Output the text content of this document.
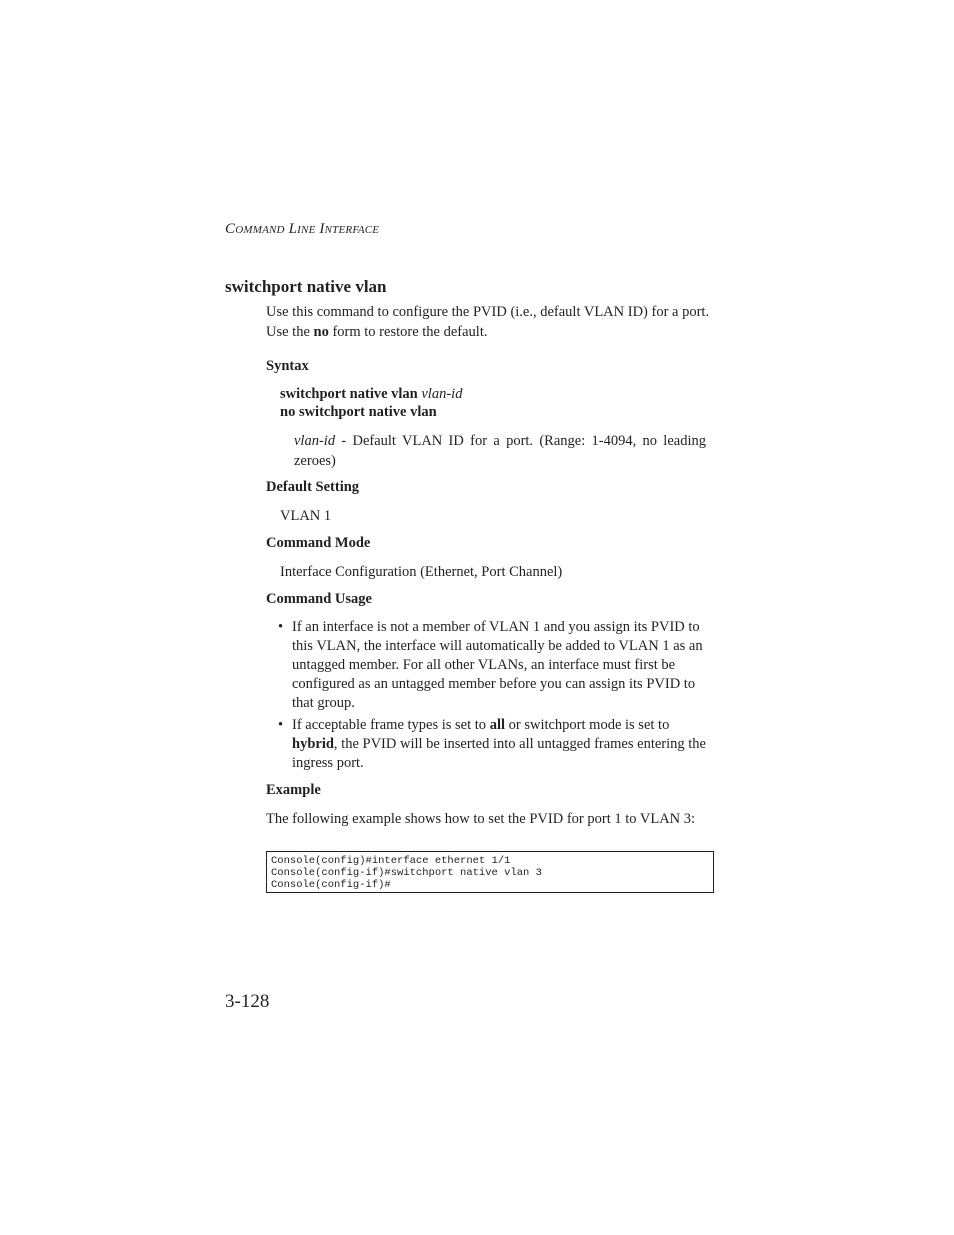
Command Line Interface
switchport native vlan
Use this command to configure the PVID (i.e., default VLAN ID) for a port. Use the no form to restore the default.
Syntax
switchport native vlan vlan-id
no switchport native vlan
vlan-id - Default VLAN ID for a port. (Range: 1-4094, no leading zeroes)
Default Setting
VLAN 1
Command Mode
Interface Configuration (Ethernet, Port Channel)
Command Usage
• If an interface is not a member of VLAN 1 and you assign its PVID to this VLAN, the interface will automatically be added to VLAN 1 as an untagged member. For all other VLANs, an interface must first be configured as an untagged member before you can assign its PVID to that group.
• If acceptable frame types is set to all or switchport mode is set to hybrid, the PVID will be inserted into all untagged frames entering the ingress port.
Example
The following example shows how to set the PVID for port 1 to VLAN 3:
Console(config)#interface ethernet 1/1
Console(config-if)#switchport native vlan 3
Console(config-if)#
3-128
